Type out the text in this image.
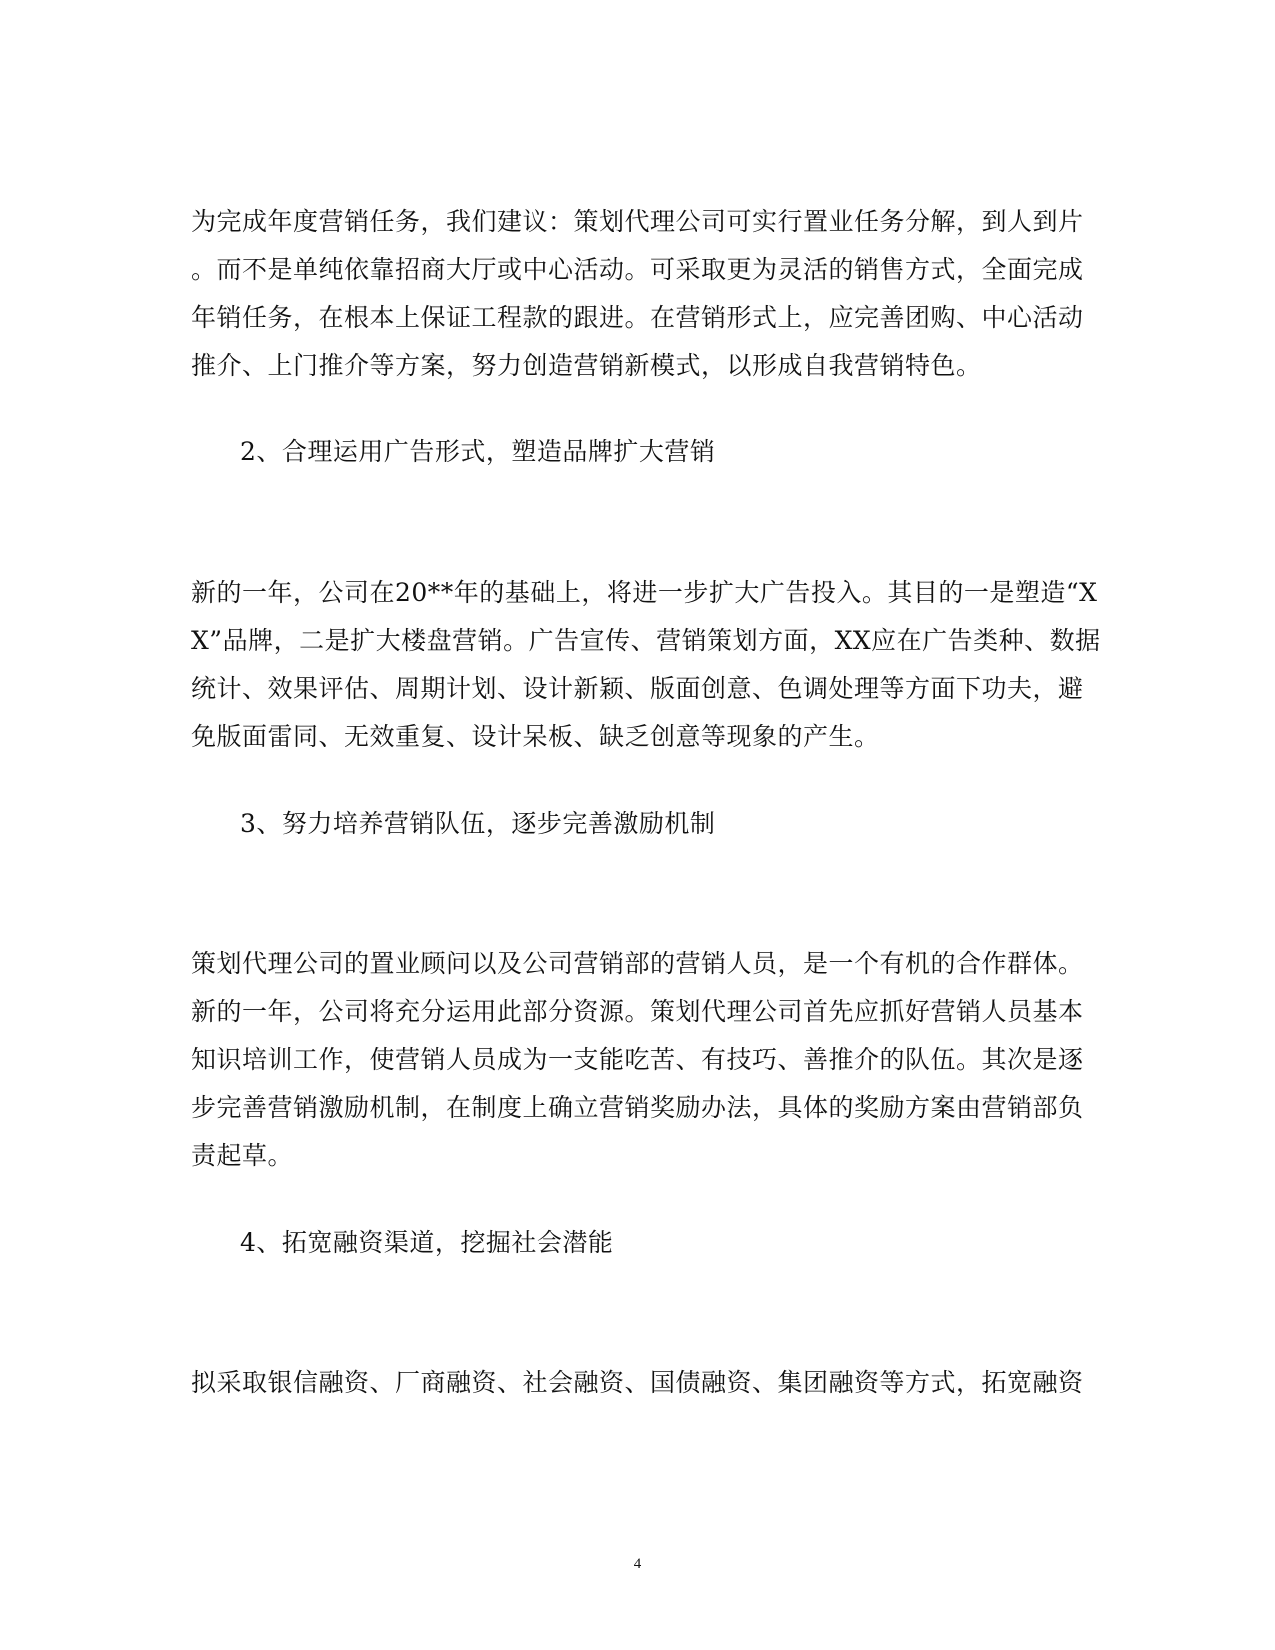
为完成年度营销任务，我们建议：策划代理公司可实行置业任务分解，到人到片
。而不是单纯依靠招商大厅或中心活动。可采取更为灵活的销售方式，全面完成
年销任务，在根本上保证工程款的跟进。在营销形式上，应完善团购、中心活动
推介、上门推介等方案，努力创造营销新模式，以形成自我营销特色。
2、合理运用广告形式，塑造品牌扩大营销
新的一年，公司在20**年的基础上，将进一步扩大广告投入。其目的一是塑造“X
X”品牌，二是扩大楼盘营销。广告宣传、营销策划方面，XX应在广告类种、数据
统计、效果评估、周期计划、设计新颖、版面创意、色调处理等方面下功夫，避
免版面雷同、无效重复、设计呆板、缺乏创意等现象的产生。
3、努力培养营销队伍，逐步完善激励机制
策划代理公司的置业顾问以及公司营销部的营销人员，是一个有机的合作群体。
新的一年，公司将充分运用此部分资源。策划代理公司首先应抓好营销人员基本
知识培训工作，使营销人员成为一支能吃苦、有技巧、善推介的队伍。其次是逐
步完善营销激励机制，在制度上确立营销奖励办法，具体的奖励方案由营销部负
责起草。
4、拓宽融资渠道，挖掘社会潜能
拟采取银信融资、厂商融资、社会融资、国债融资、集团融资等方式，拓宽融资
4
